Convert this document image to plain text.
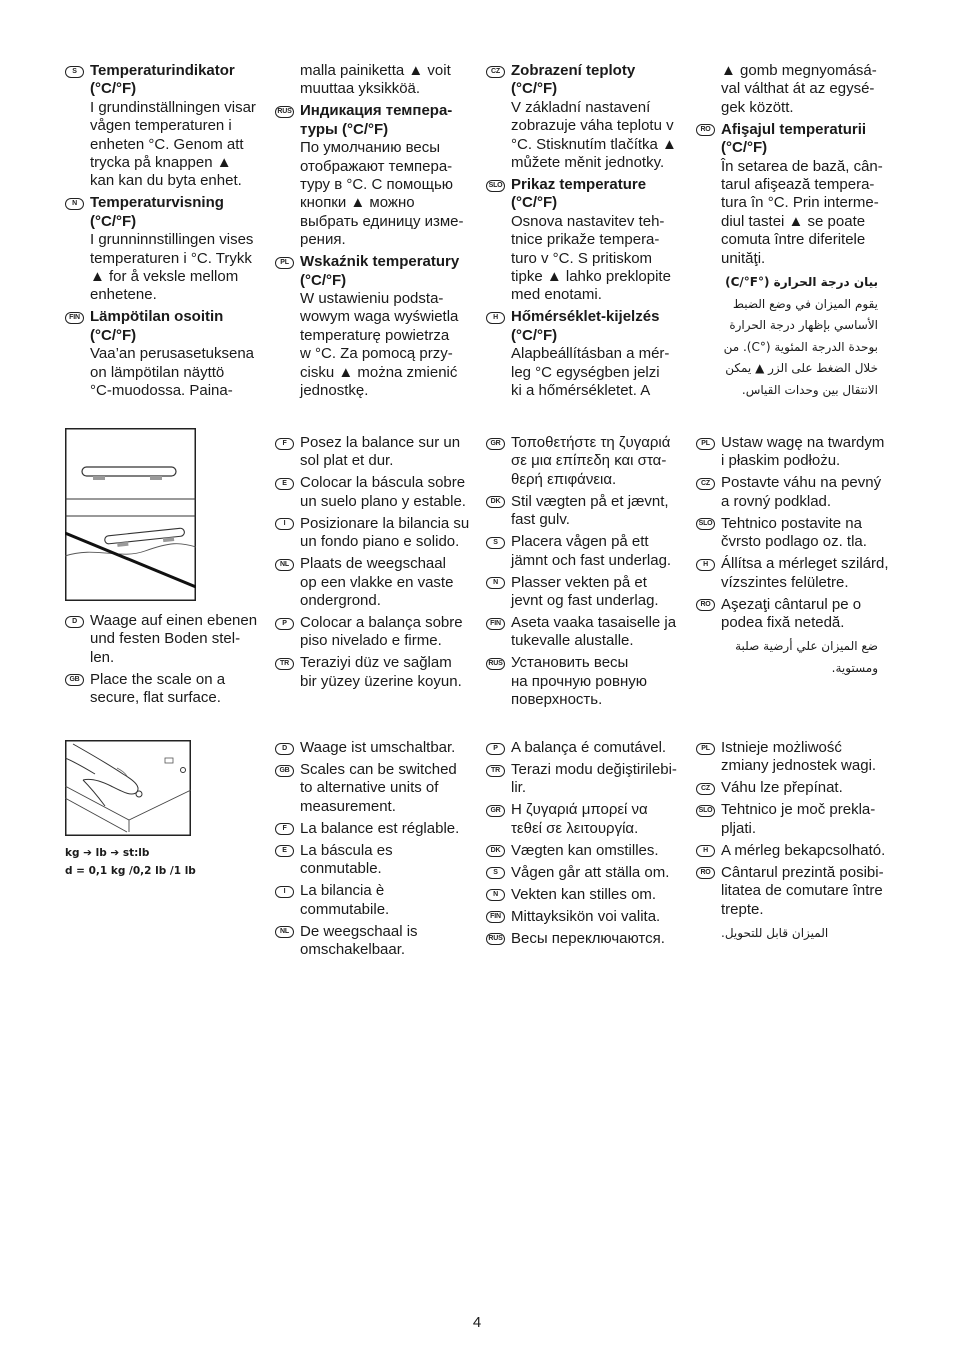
S Temperaturindikator
(°C/°F)
I grundinställningen visar
vågen temperaturen i
enheten °C. Genom att
trycka på knappen ▲
kan kan du byta enhet.
N Temperaturvisning
(°C/°F)
I grunninnstillingen vises
temperaturen i °C. Trykk
▲ for å veksle mellom
enhetene.
FIN Lämpötilan osoitin
(°C/°F)
Vaa’an perusasetuksena
on lämpötilan näyttö
°C-muodossa. Paina-
malla painiketta ▲ voit
muuttaa yksikköä.
RUS Индикация темпера-
туры (°C/°F)
По умолчанию весы
отображают темпера-
туру в °C. С помощью
кнопки ▲ можно
выбрать единицу изме-
рения.
PL Wskaźnik temperatury
(°C/°F)
W ustawieniu podsta-
wowym waga wyświetla
temperaturę powietrza
w °C. Za pomocą przy-
cisku ▲ można zmienić
jednostkę.
CZ Zobrazení teploty
(°C/°F)
V základní nastavení
zobrazuje váha teplotu v
°C. Stisknutím tlačítka ▲
můžete měnit jednotky.
SLO Prikaz temperature
(°C/°F)
Osnova nastavitev teh-
tnice prikaže tempera-
turo v °C. S pritiskom
tipke ▲ lahko preklopite
med enotami.
H Hőmérséklet-kijelzés
(°C/°F)
Alapbeállításban a mér-
leg °C egységben jelzi
ki a hőmérsékletet. A
▲ gomb megnyomásá-
val válthat át az egysé-
gek között.
RO Afişajul temperaturii
(°C/°F)
În setarea de bază, cân-
tarul afişează tempera-
tura în °C. Prin interme-
diul tastei ▲ se poate
comuta între diferitele
unităţi.
بيان درجة الحرارة (°C/°F)
يقوم الميزان في وضع الضبط
الأساسي بإظهار درجة الحرارة
بوحدة الدرجة المئوية (°C). من
خلال الضغط على الزر ▲ يمكن
الانتقال بين وحدات القياس.
D Waage auf einen ebenen
und festen Boden stel-
len.
GB Place the scale on a
secure, flat surface.
F Posez la balance sur un
sol plat et dur.
E Colocar la báscula sobre
un suelo plano y estable.
I Posizionare la bilancia su
un fondo piano e solido.
NL Plaats de weegschaal
op een vlakke en vaste
ondergrond.
P Colocar a balança sobre
piso nivelado e firme.
TR Teraziyi düz ve sağlam
bir yüzey üzerine koyun.
GR Τοποθετήστε τη ζυγαριά
σε μια επίπεδη και στα-
θερή επιφάνεια.
DK Stil vægten på et jævnt,
fast gulv.
S Placera vågen på ett
jämnt och fast underlag.
N Plasser vekten på et
jevnt og fast underlag.
FIN Aseta vaaka tasaiselle ja
tukevalle alustalle.
RUS Установить весы
на прочную ровную
поверхность.
PL Ustaw wagę na twardym
i płaskim podłożu.
CZ Postavte váhu na pevný
a rovný podklad.
SLO Tehtnico postavite na
čvrsto podlago oz. tla.
H Állítsa a mérleget szilárd,
vízszintes felületre.
RO Aşezaţi cântarul pe o
podea fixă netedă.
ضع الميزان علي أرضية صلبة
ومستوية.
kg ➔ lb ➔ st:lb
d = 0,1 kg /0,2 lb /1 lb
D Waage ist umschaltbar.
GB Scales can be switched
to alternative units of
measurement.
F La balance est réglable.
E La báscula es
conmutable.
I La bilancia è
commutabile.
NL De weegschaal is
omschakelbaar.
P A balança é comutável.
TR Terazi modu değiştirilebi-
lir.
GR Η ζυγαριά μπορεί να
τεθεί σε λειτουργία.
DK Vægten kan omstilles.
S Vågen går att ställa om.
N Vekten kan stilles om.
FIN Mittayksikön voi valita.
RUS Весы переключаются.
PL Istnieje możliwość
zmiany jednostek wagi.
CZ Váhu lze přepínat.
SLO Tehtnico je moč prekla-
pljati.
H A mérleg bekapcsolható.
RO Cântarul prezintă posibi-
litatea de comutare între
trepte.
الميزان قابل للتحويل.
4
